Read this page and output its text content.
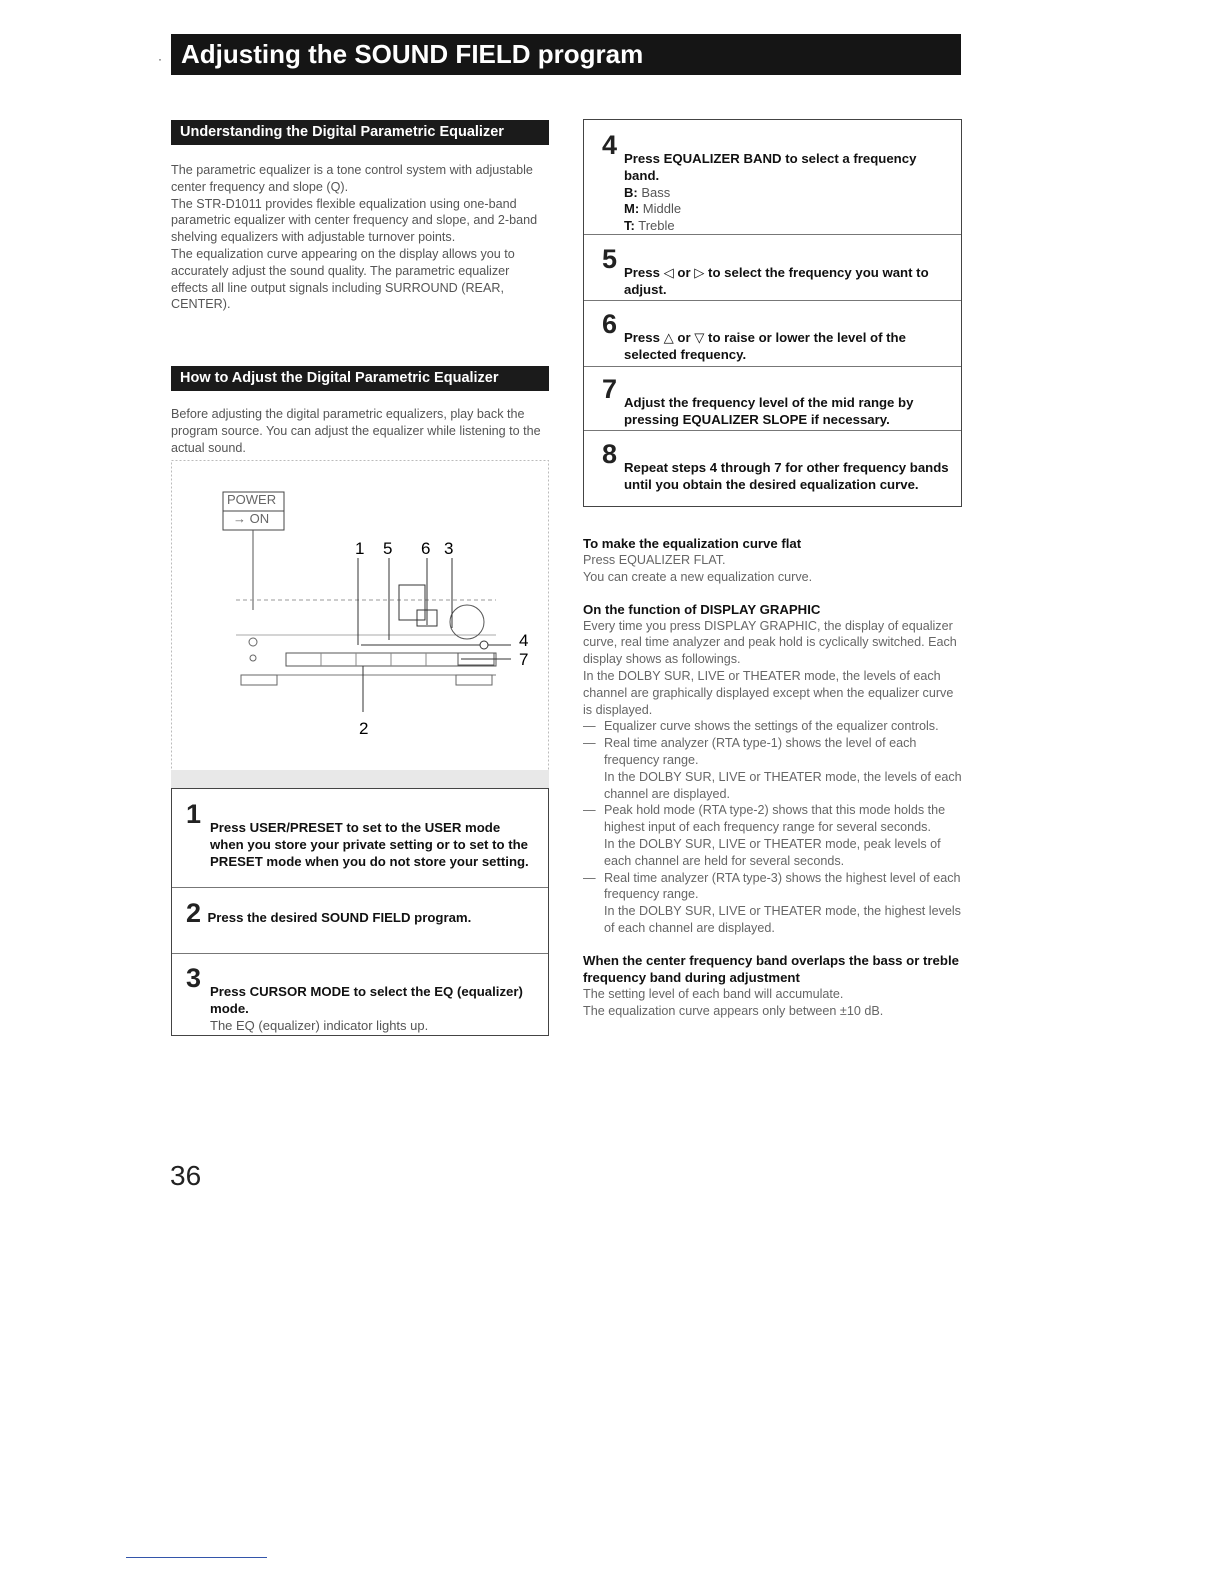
· Adjusting the SOUND FIELD program
Understanding the Digital Parametric Equalizer

The parametric equalizer is a tone control system with adjustable center frequency and slope (Q).

The STR-D1011 provides flexible equalization using one-band parametric equalizer with center frequency and slope, and 2-band shelving equalizers with adjustable turnover points.

The equalization curve appearing on the display allows you to accurately adjust the sound quality. The parametric equalizer effects all line output signals including SURROUND (REAR, CENTER).

How to Adjust the Digital Parametric Equalizer
Before adjusting the digital parametric equalizers, play back the program source. You can adjust the equalizer while listening to the actual sound.
1 5 6 3
4
7
2
POWER
→ ON
1 Press USER/PRESET to set to the USER mode when you store your private setting or to set to the PRESET mode when you do not store your setting.
2 Press the desired SOUND FIELD program.
3 Press CURSOR MODE to select the EQ (equalizer) mode.
The EQ (equalizer) indicator lights up.
4 Press EQUALIZER BAND to select a frequency band.
B: Bass
M: Middle
T: Treble
5 Press ◁ or ▷ to select the frequency you want to adjust.
6 Press △ or ▽ to raise or lower the level of the selected frequency.
7 Adjust the frequency level of the mid range by pressing EQUALIZER SLOPE if necessary.
8 Repeat steps 4 through 7 for other frequency bands until you obtain the desired equalization curve.
To make the equalization curve flat

Press EQUALIZER FLAT.

You can create a new equalization curve.

On the function of DISPLAY GRAPHIC

Every time you press DISPLAY GRAPHIC, the display of equalizer curve, real time analyzer and peak hold is cyclically switched. Each display shows as followings.

In the DOLBY SUR, LIVE or THEATER mode, the levels of each channel are graphically displayed except when the equalizer curve is displayed.

— Equalizer curve shows the settings of the equalizer controls.

— Real time analyzer (RTA type-1) shows the level of each frequency range.

In the DOLBY SUR, LIVE or THEATER mode, the levels of each channel are displayed.

— Peak hold mode (RTA type-2) shows that this mode holds the highest input of each frequency range for several seconds.

In the DOLBY SUR, LIVE or THEATER mode, peak levels of each channel are held for several seconds.

— Real time analyzer (RTA type-3) shows the highest level of each frequency range.

In the DOLBY SUR, LIVE or THEATER mode, the highest levels of each channel are displayed.

When the center frequency band overlaps the bass or treble frequency band during adjustment

The setting level of each band will accumulate.

The equalization curve appears only between ±10 dB.

36
